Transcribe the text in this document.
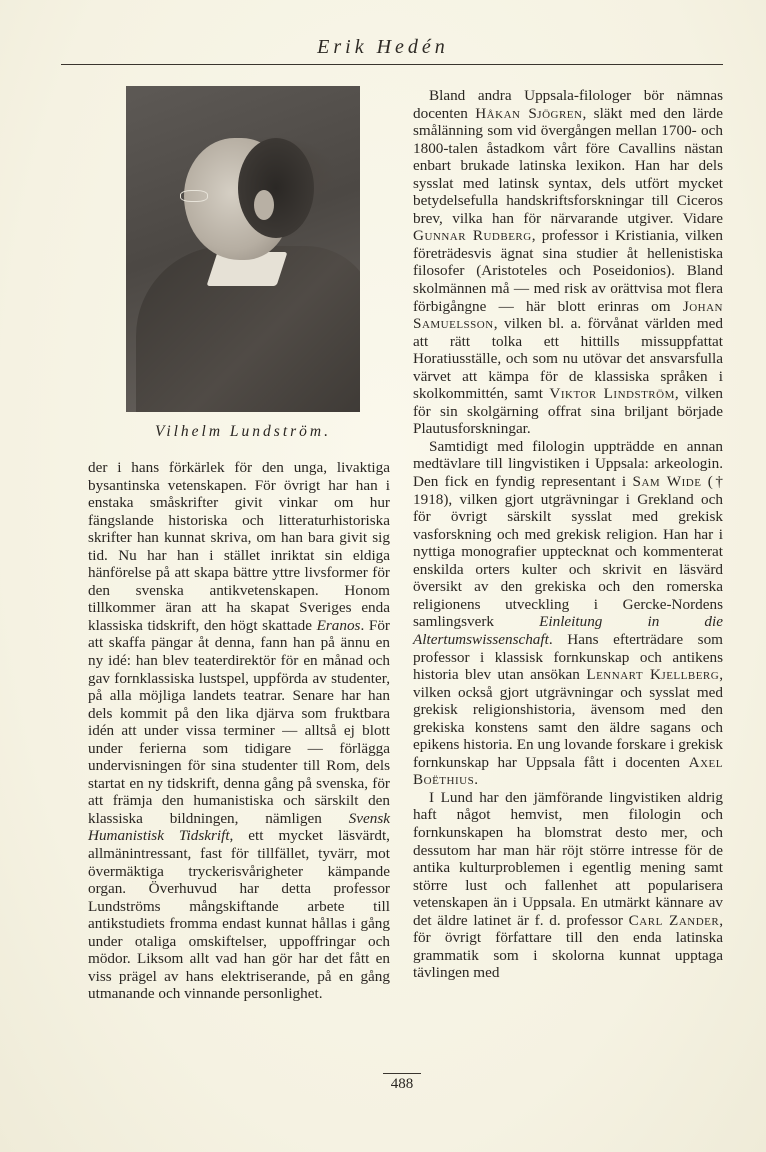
Erik Hedén
Vilhelm Lundström.

der i hans förkärlek för den unga, livaktiga bysantinska vetenskapen. För övrigt har han i enstaka småskrifter givit vinkar om hur fängslande historiska och litteraturhistoriska skrifter han kunnat skriva, om han bara givit sig tid. Nu har han i stället inriktat sin eldiga hänförelse på att skapa bättre yttre livsformer för den svenska antikvetenskapen. Honom tillkommer äran att ha skapat Sveriges enda klassiska tidskrift, den högt skattade Eranos. För att skaffa pängar åt denna, fann han på ännu en ny idé: han blev teaterdirektör för en månad och gav fornklassiska lustspel, uppförda av studenter, på alla möjliga landets teatrar. Senare har han dels kommit på den lika djärva som fruktbara idén att under vissa terminer — alltså ej blott under ferierna som tidigare — förlägga undervisningen för sina studenter till Rom, dels startat en ny tidskrift, denna gång på svenska, för att främja den humanistiska och särskilt den klassiska bildningen, nämligen Svensk Humanistisk Tidskrift, ett mycket läsvärdt, allmänintressant, fast för tillfället, tyvärr, mot övermäktiga tryckerisvårigheter kämpande organ. Överhuvud har detta professor Lundströms mångskiftande arbete till antikstudiets fromma endast kunnat hållas i gång under otaliga omskiftelser, uppoffringar och mödor. Liksom allt vad han gör har det fått en viss prägel av hans elektriserande, på en gång utmanande och vinnande personlighet.

Bland andra Uppsala-filologer bör nämnas docenten Håkan Sjögren, släkt med den lärde smålänning som vid övergången mellan 1700- och 1800-talen åstadkom vårt före Cavallins nästan enbart brukade latinska lexikon. Han har dels sysslat med latinsk syntax, dels utfört mycket betydelsefulla handskriftsforskningar till Ciceros brev, vilka han för närvarande utgiver. Vidare Gunnar Rudberg, professor i Kristiania, vilken företrädesvis ägnat sina studier åt hellenistiska filosofer (Aristoteles och Poseidonios). Bland skolmännen må — med risk av orättvisa mot flera förbigångne — här blott erinras om Johan Samuelsson, vilken bl. a. förvånat världen med att rätt tolka ett hittills missuppfattat Horatiusställe, och som nu utövar det ansvarsfulla värvet att kämpa för de klassiska språken i skolkommittén, samt Viktor Lindström, vilken för sin skolgärning offrat sina briljant började Plautusforskningar.

Samtidigt med filologin uppträdde en annan medtävlare till lingvistiken i Uppsala: arkeologin. Den fick en fyndig representant i Sam Wide († 1918), vilken gjort utgrävningar i Grekland och för övrigt särskilt sysslat med grekisk vasforskning och med grekisk religion. Han har i nyttiga monografier upptecknat och kommenterat enskilda orters kulter och skrivit en läsvärd översikt av den grekiska och den romerska religionens utveckling i Gercke-Nordens samlingsverk Einleitung in die Altertumswissenschaft. Hans efterträdare som professor i klassisk fornkunskap och antikens historia blev utan ansökan Lennart Kjellberg, vilken också gjort utgrävningar och sysslat med grekisk religionshistoria, ävensom med den grekiska konstens samt den äldre sagans och epikens historia. En ung lovande forskare i grekisk fornkunskap har Uppsala fått i docenten Axel Boëthius.

I Lund har den jämförande lingvistiken aldrig haft något hemvist, men filologin och fornkunskapen ha blomstrat desto mer, och dessutom har man här röjt större intresse för de antika kulturproblemen i egentlig mening samt större lust och fallenhet att popularisera vetenskapen än i Uppsala. En utmärkt kännare av det äldre latinet är f. d. professor Carl Zander, för övrigt författare till den enda latinska grammatik som i skolorna kunnat upptaga tävlingen med

488
